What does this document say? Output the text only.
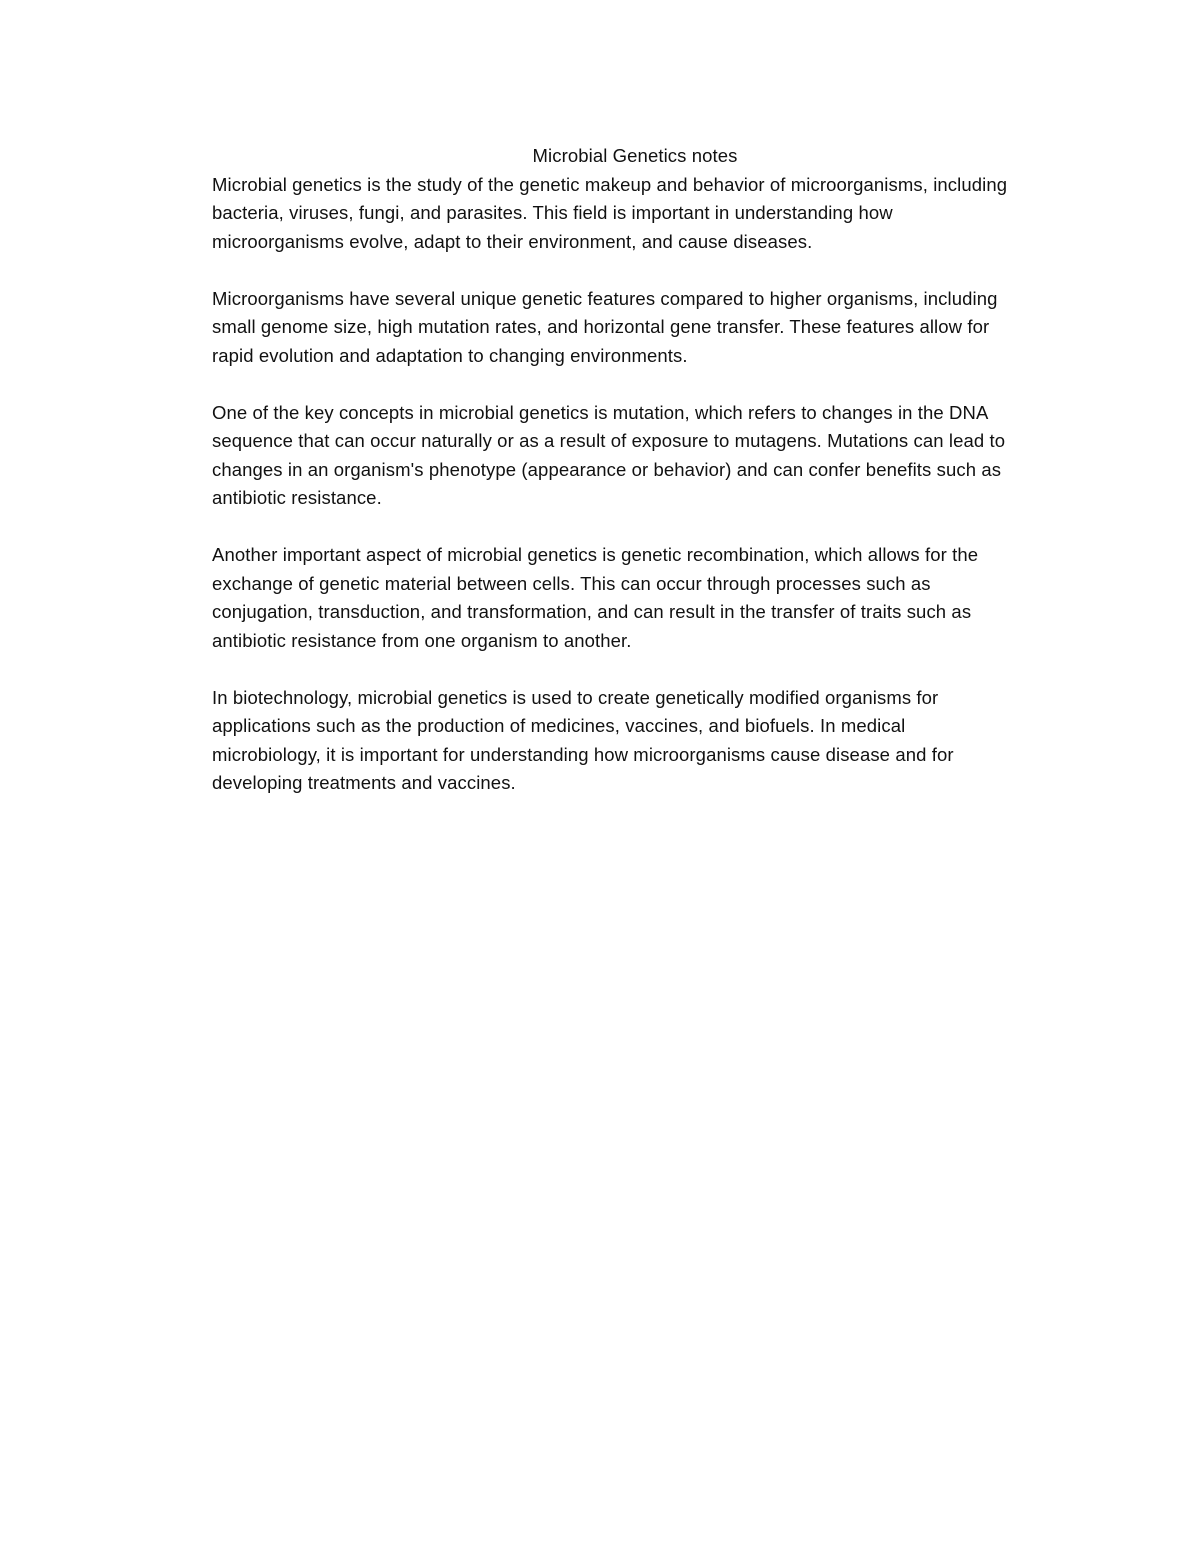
Microbial Genetics notes
Microbial genetics is the study of the genetic makeup and behavior of microorganisms, including
bacteria, viruses, fungi, and parasites. This field is important in understanding how
microorganisms evolve, adapt to their environment, and cause diseases.
Microorganisms have several unique genetic features compared to higher organisms, including
small genome size, high mutation rates, and horizontal gene transfer. These features allow for
rapid evolution and adaptation to changing environments.
One of the key concepts in microbial genetics is mutation, which refers to changes in the DNA
sequence that can occur naturally or as a result of exposure to mutagens. Mutations can lead to
changes in an organism's phenotype (appearance or behavior) and can confer benefits such as
antibiotic resistance.
Another important aspect of microbial genetics is genetic recombination, which allows for the
exchange of genetic material between cells. This can occur through processes such as
conjugation, transduction, and transformation, and can result in the transfer of traits such as
antibiotic resistance from one organism to another.
In biotechnology, microbial genetics is used to create genetically modified organisms for
applications such as the production of medicines, vaccines, and biofuels. In medical
microbiology, it is important for understanding how microorganisms cause disease and for
developing treatments and vaccines.
